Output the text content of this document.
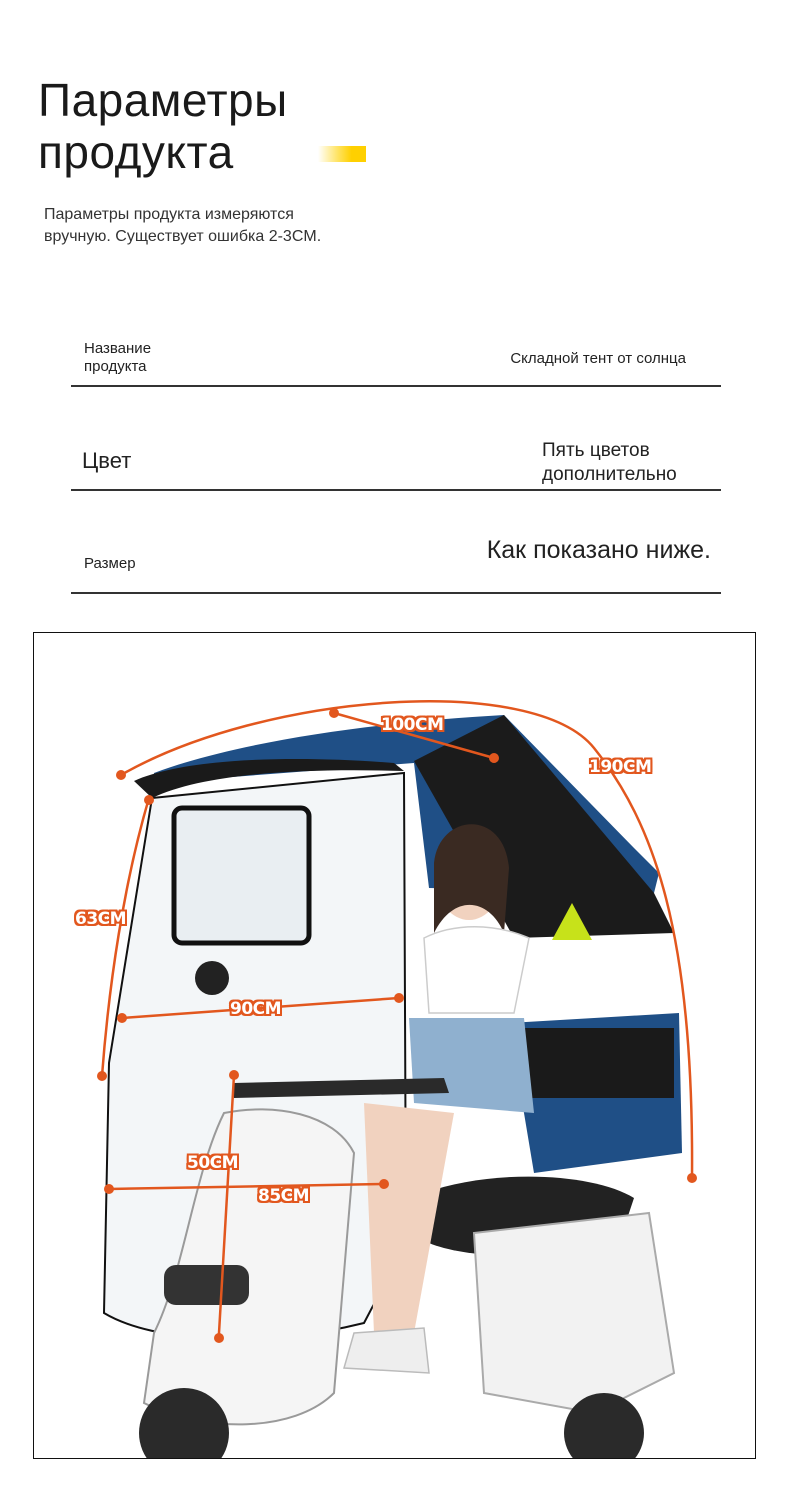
Параметры
продукта
Параметры продукта измеряются
вручную. Существует ошибка 2-3CM.
Название продукта	Складной тент от солнца
Цвет	Пять цветов дополнительно
Размер	Как показано ниже.
100CM
190CM
63CM
90CM
50CM
85CM
